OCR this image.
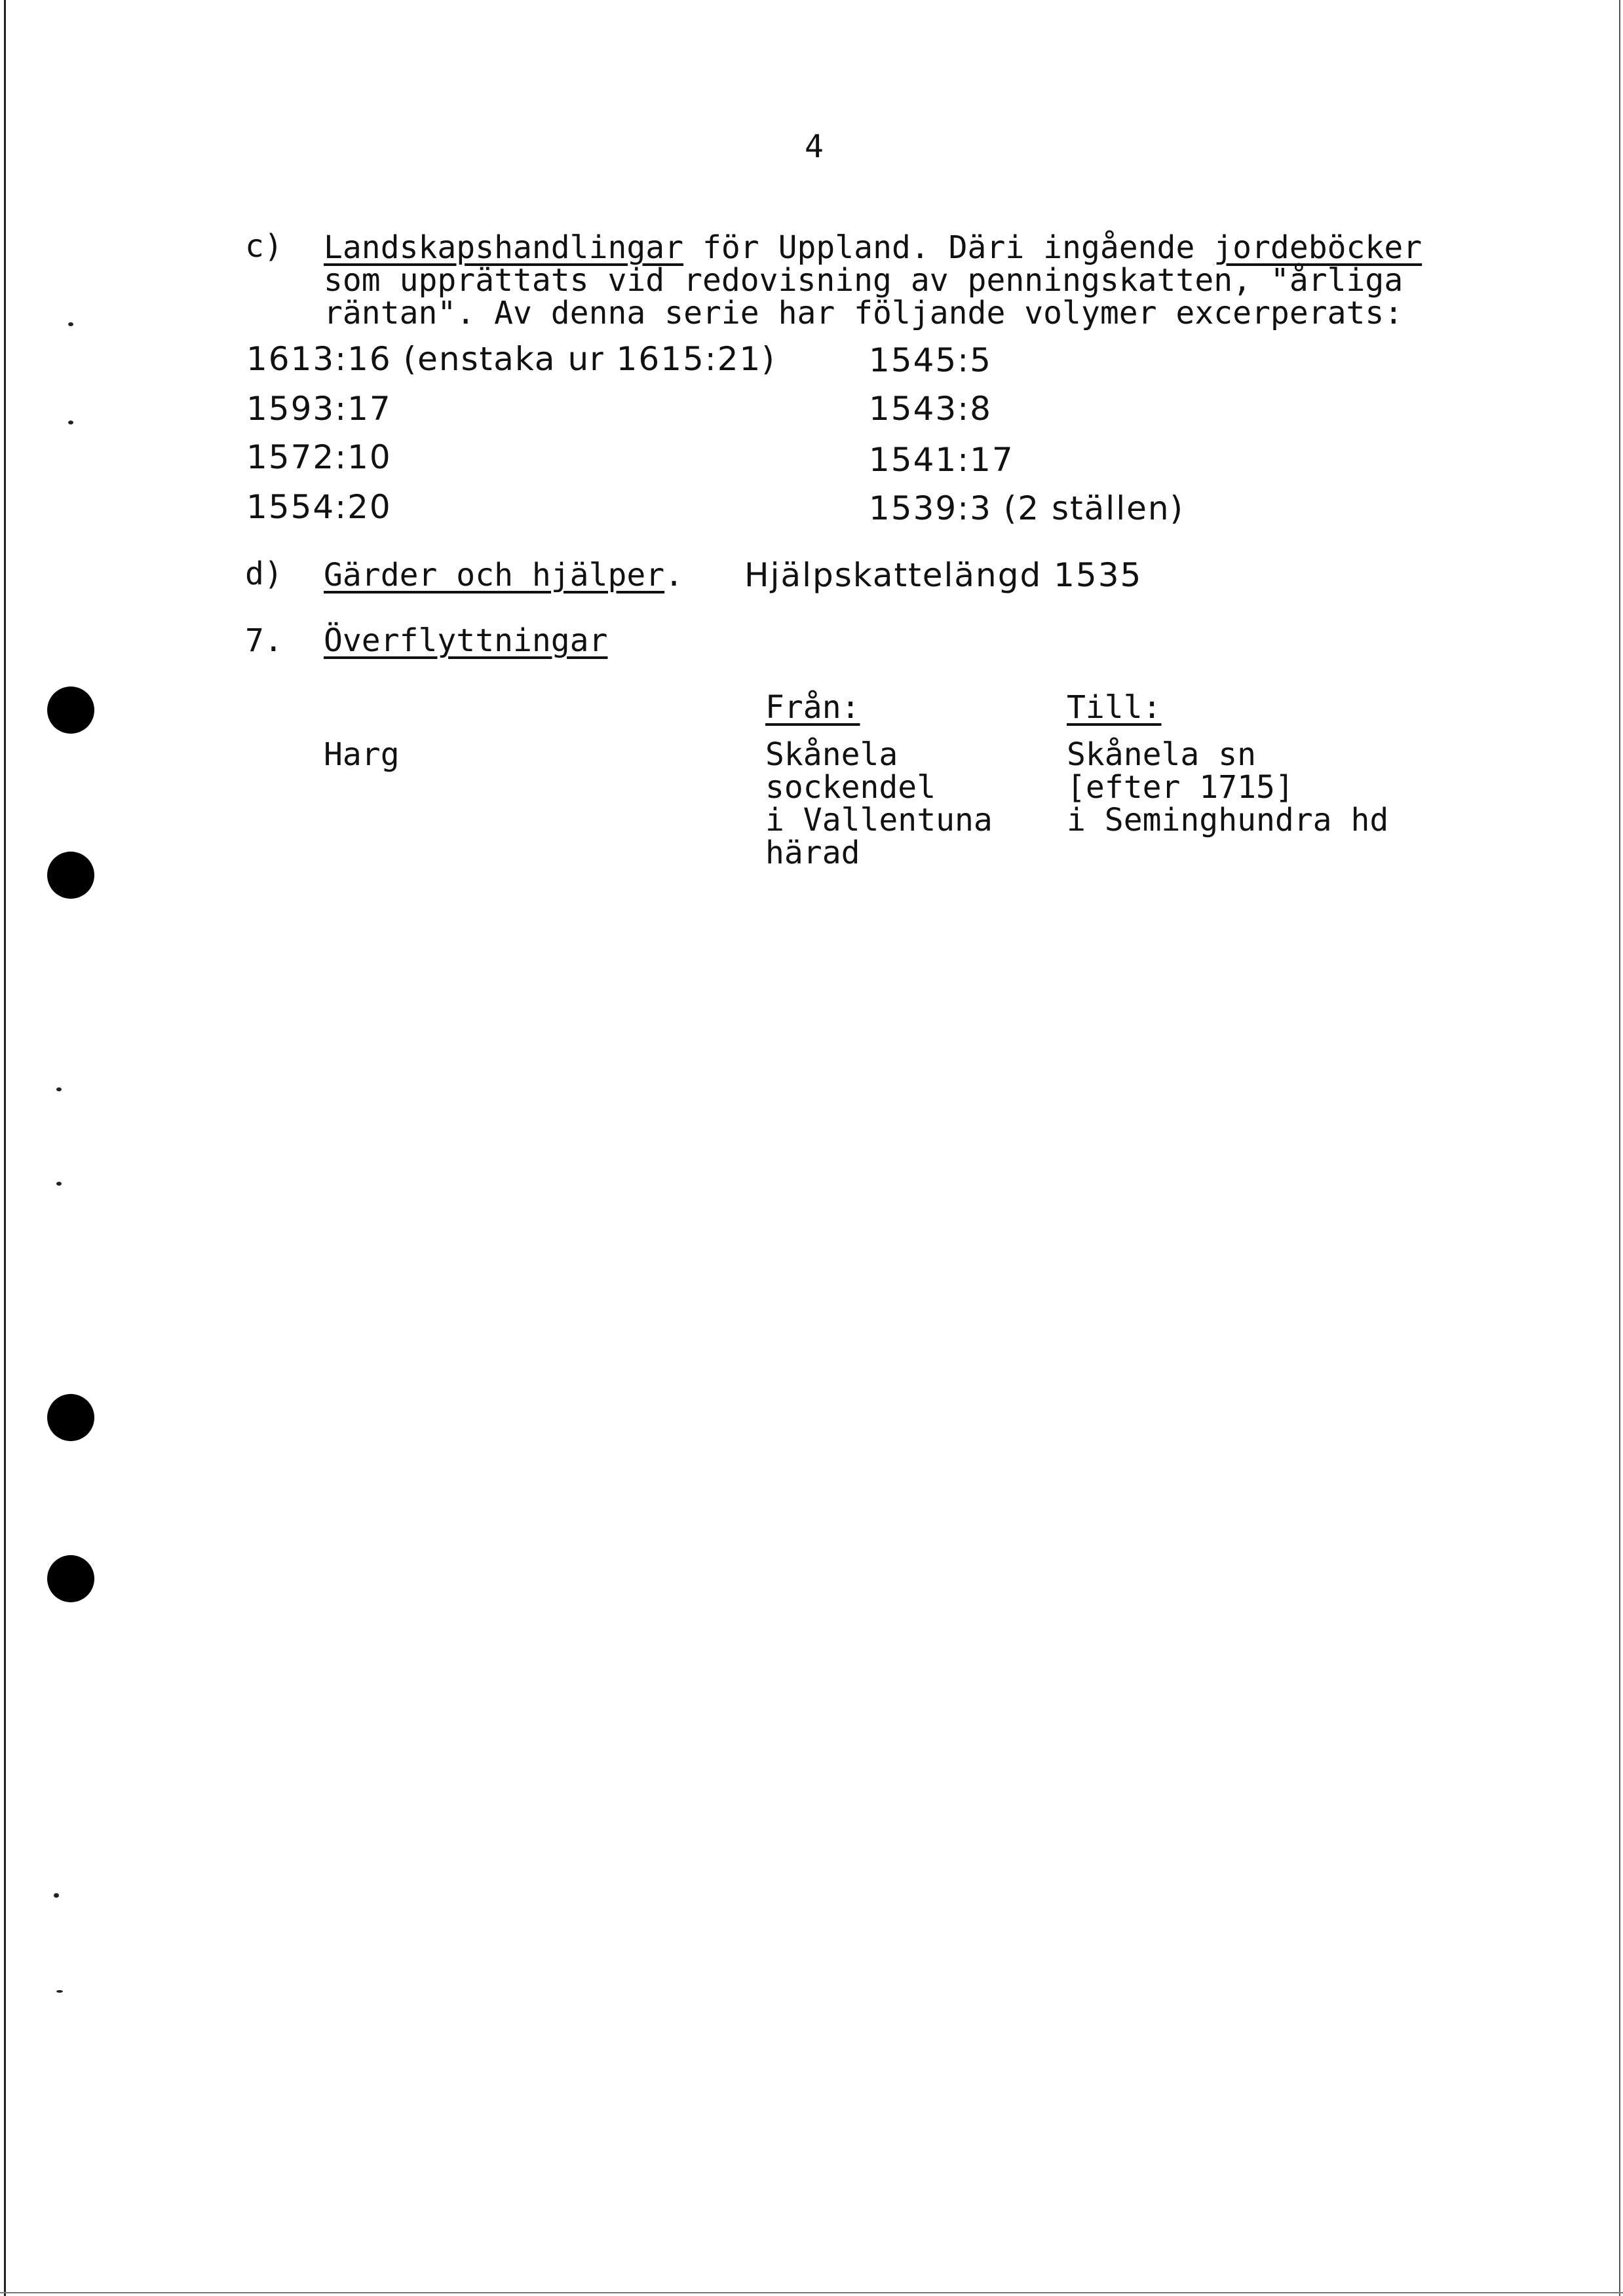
4
c) Landskapshandlingar för Uppland. Däri ingående jordeböcker
som upprättats vid redovisning av penningskatten, "årliga
räntan". Av denna serie har följande volymer excerperats:
1613:16 (enstaka ur 1615:21)
1593:17
1572:10
1554:20
1545:5
1543:8
1541:17
1539:3 (2 ställen)
d) Gärder och hjälper. Hjälpskattelängd 1535
7. Överflyttningar
Från:	Till:
Harg	Skånela
sockendel
i Vallentuna
härad
Skånela sn
[efter 1715]
i Seminghundra hd
